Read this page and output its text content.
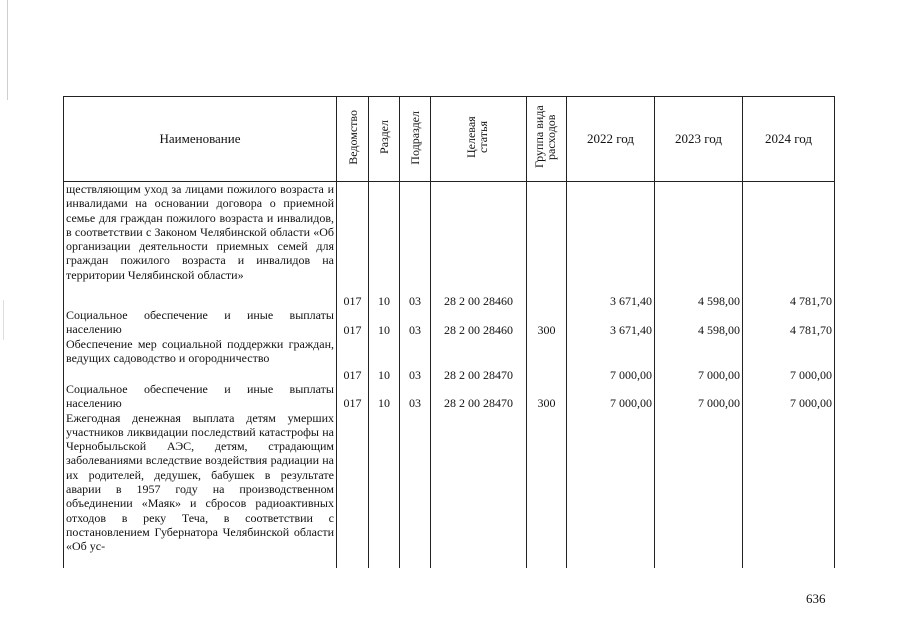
Наименование	Ведомство	Раздел	Подраздел	Целевая статья	Группа вида расходов	2022 год	2023 год	2024 год
ществляющим уход за лицами пожилого возраста и инвалидами на основании договора о приемной семье для граждан пожилого возраста и инвалидов, в соответствии с Законом Челябинской области «Об организации деятельности приемных семей для граждан пожилого возраста и инвалидов на территории Челябинской области»	017	10	03	28 2 00 28460		3 671,40	4 598,00	4 781,70
Социальное обеспечение и иные выплаты населению	017	10	03	28 2 00 28460	300	3 671,40	4 598,00	4 781,70
Обеспечение мер социальной поддержки граждан, ведущих садоводство и огородничество	017	10	03	28 2 00 28470		7 000,00	7 000,00	7 000,00
Социальное обеспечение и иные выплаты населению	017	10	03	28 2 00 28470	300	7 000,00	7 000,00	7 000,00
Ежегодная денежная выплата детям умерших участников ликвидации последствий катастрофы на Чернобыльской АЭС, детям, страдающим заболеваниями вследствие воздействия радиации на их родителей, дедушек, бабушек в результате аварии в 1957 году на производственном объединении «Маяк» и сбросов радиоактивных отходов в реку Теча, в соответствии с постановлением Губернатора Челябинской области «Об ус-								
636
